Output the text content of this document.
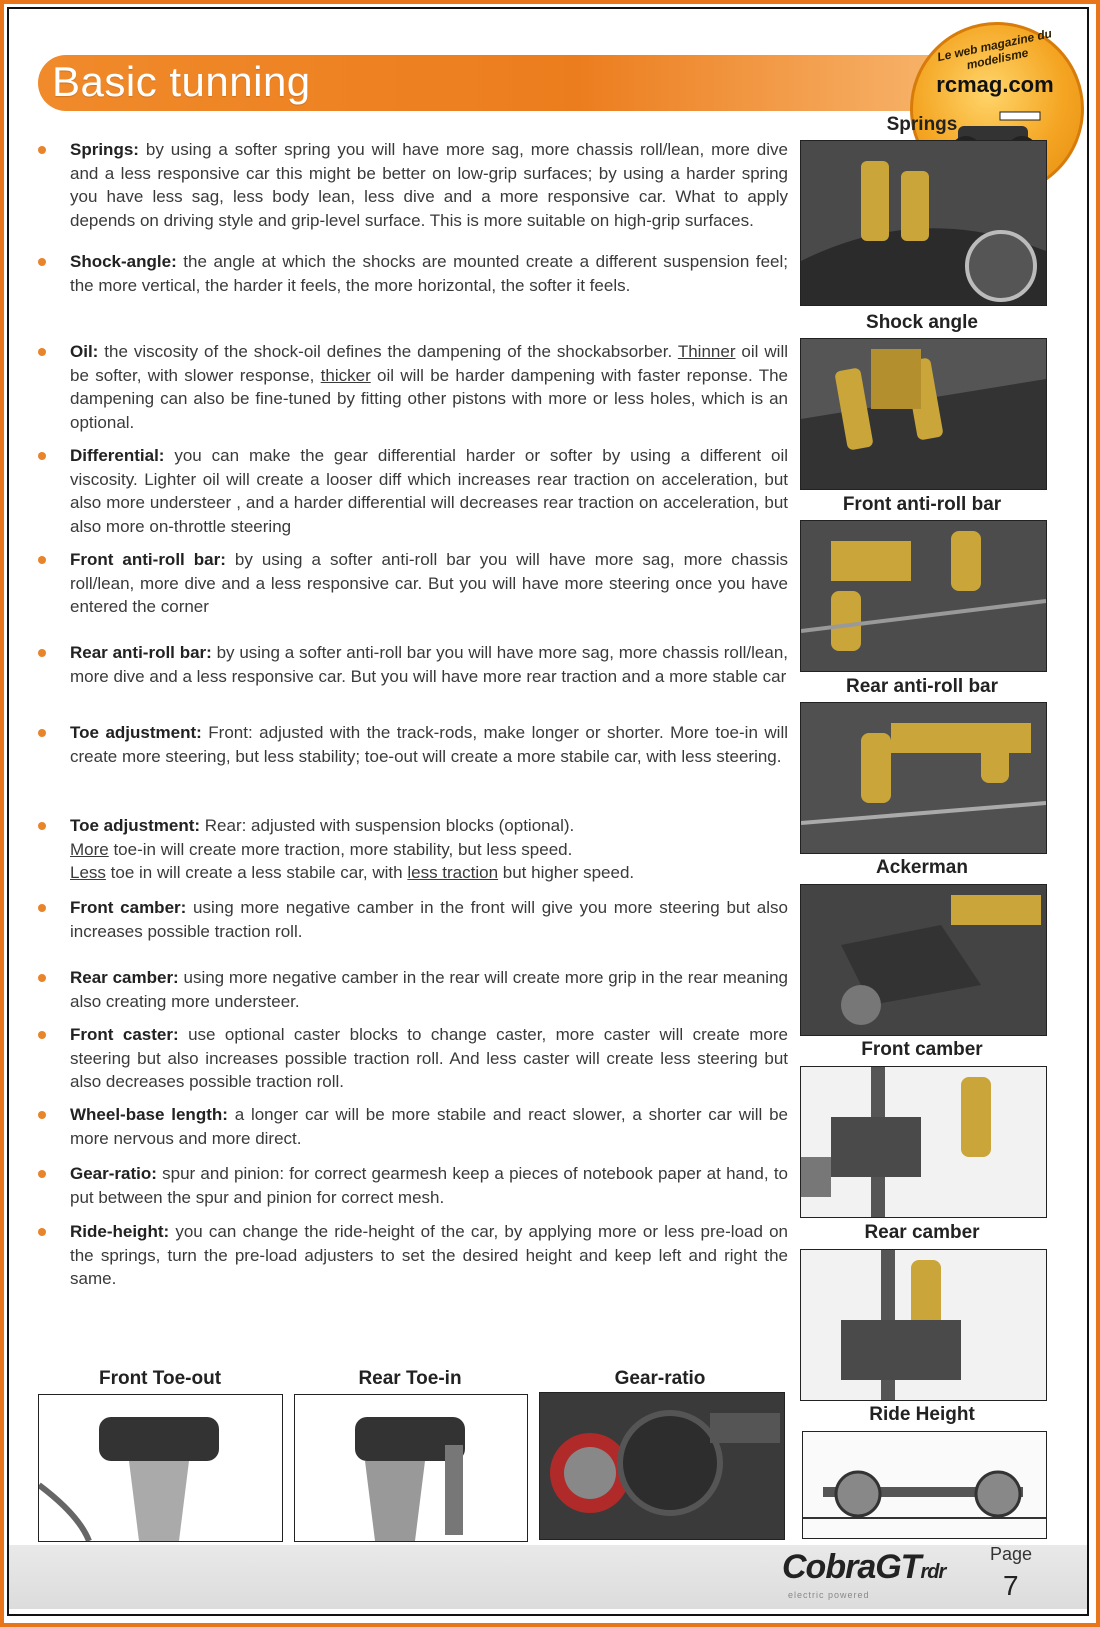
Basic tunning
Le web magazine du modelisme
rcmag.com
Springs: by using a softer spring you will have more sag, more chassis roll/lean, more dive and a less responsive car this might be better on low-grip surfaces; by using a harder spring you have less sag, less body lean, less dive and a more responsive car. What to apply depends on driving style and grip-level surface. This is more suitable on high-grip surfaces.
Shock-angle: the angle at which the shocks are mounted create a different suspension feel; the more vertical, the harder it feels, the more horizontal, the softer it feels.
Oil: the viscosity of the shock-oil defines the dampening of the shockabsorber. Thinner oil will be softer, with slower response, thicker oil will be harder dampening with faster reponse. The dampening can also be fine-tuned by fitting other pistons with more or less holes, which is an optional.
Differential: you can make the gear differential harder or softer by using a different oil viscosity. Lighter oil will create a looser diff which increases rear traction on acceleration, but also more understeer , and a harder differential will decreases rear traction on acceleration, but also more on-throttle steering
Front anti-roll bar: by using a softer anti-roll bar you will have more sag, more chassis roll/lean, more dive and a less responsive car. But you will have more steering once you have entered the corner
Rear anti-roll bar: by using a softer anti-roll bar you will have more sag, more chassis roll/lean, more dive and a less responsive car. But you will have more rear traction and a more stable car
Toe adjustment: Front: adjusted with the track-rods, make longer or shorter. More toe-in will create more steering, but less stability; toe-out will create a more stabile car, with less steering.
Toe adjustment: Rear: adjusted with suspension blocks (optional).
More toe-in will create more traction, more stability, but less speed.
Less toe in will create a less stabile car, with less traction but higher speed.
Front camber: using more negative camber in the front will give you more steering but also increases possible traction roll.
Rear camber: using more negative camber in the rear will create more grip in the rear meaning also creating more understeer.
Front caster: use optional caster blocks to change caster, more caster will create more steering but also increases possible traction roll. And less caster will create less steering but also decreases possible traction roll.
Wheel-base length: a longer car will be more stabile and react slower, a shorter car will be more nervous and more direct.
Gear-ratio: spur and pinion: for correct gearmesh keep a pieces of notebook paper at hand, to put between the spur and pinion for correct mesh.
Ride-height: you can change the ride-height of the car, by applying more or less pre-load on the springs, turn the pre-load adjusters to set the desired height and keep left and right the same.
Springs
Shock angle
Front anti-roll bar
Rear anti-roll bar
Ackerman
Front camber
Rear camber
Ride Height
Front Toe-out	Rear Toe-in	Gear-ratio
CobraGTrdr
electric powered
Page
7
